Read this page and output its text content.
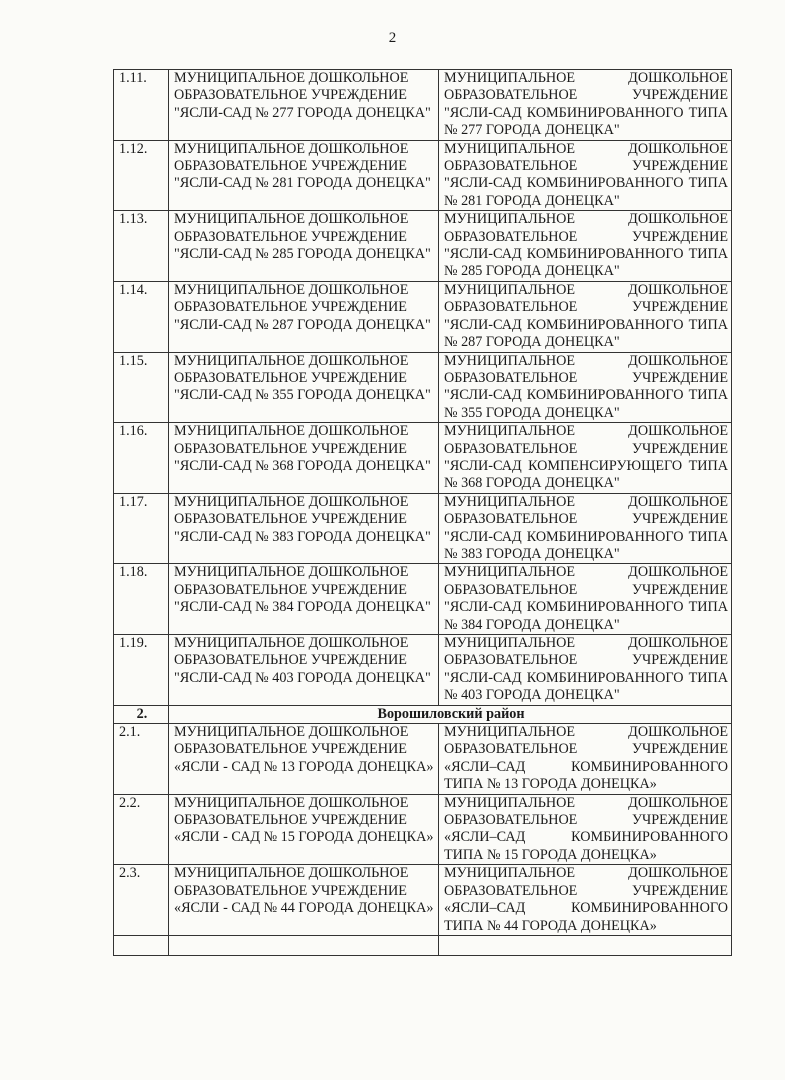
2
1.11.	МУНИЦИПАЛЬНОЕ ДОШКОЛЬНОЕ ОБРАЗОВАТЕЛЬНОЕ УЧРЕЖДЕНИЕ "ЯСЛИ-САД № 277 ГОРОДА ДОНЕЦКА"	МУНИЦИПАЛЬНОЕ ДОШКОЛЬНОЕ ОБРАЗОВАТЕЛЬНОЕ УЧРЕЖДЕНИЕ "ЯСЛИ-САД КОМБИНИРОВАННОГО ТИПА № 277 ГОРОДА ДОНЕЦКА"
1.12.	МУНИЦИПАЛЬНОЕ ДОШКОЛЬНОЕ ОБРАЗОВАТЕЛЬНОЕ УЧРЕЖДЕНИЕ "ЯСЛИ-САД № 281 ГОРОДА ДОНЕЦКА"	МУНИЦИПАЛЬНОЕ ДОШКОЛЬНОЕ ОБРАЗОВАТЕЛЬНОЕ УЧРЕЖДЕНИЕ "ЯСЛИ-САД КОМБИНИРОВАННОГО ТИПА № 281 ГОРОДА ДОНЕЦКА"
1.13.	МУНИЦИПАЛЬНОЕ ДОШКОЛЬНОЕ ОБРАЗОВАТЕЛЬНОЕ УЧРЕЖДЕНИЕ "ЯСЛИ-САД № 285 ГОРОДА ДОНЕЦКА"	МУНИЦИПАЛЬНОЕ ДОШКОЛЬНОЕ ОБРАЗОВАТЕЛЬНОЕ УЧРЕЖДЕНИЕ "ЯСЛИ-САД КОМБИНИРОВАННОГО ТИПА № 285 ГОРОДА ДОНЕЦКА"
1.14.	МУНИЦИПАЛЬНОЕ ДОШКОЛЬНОЕ ОБРАЗОВАТЕЛЬНОЕ УЧРЕЖДЕНИЕ "ЯСЛИ-САД № 287 ГОРОДА ДОНЕЦКА"	МУНИЦИПАЛЬНОЕ ДОШКОЛЬНОЕ ОБРАЗОВАТЕЛЬНОЕ УЧРЕЖДЕНИЕ "ЯСЛИ-САД КОМБИНИРОВАННОГО ТИПА № 287 ГОРОДА ДОНЕЦКА"
1.15.	МУНИЦИПАЛЬНОЕ ДОШКОЛЬНОЕ ОБРАЗОВАТЕЛЬНОЕ УЧРЕЖДЕНИЕ "ЯСЛИ-САД № 355 ГОРОДА ДОНЕЦКА"	МУНИЦИПАЛЬНОЕ ДОШКОЛЬНОЕ ОБРАЗОВАТЕЛЬНОЕ УЧРЕЖДЕНИЕ "ЯСЛИ-САД КОМБИНИРОВАННОГО ТИПА № 355 ГОРОДА ДОНЕЦКА"
1.16.	МУНИЦИПАЛЬНОЕ ДОШКОЛЬНОЕ ОБРАЗОВАТЕЛЬНОЕ УЧРЕЖДЕНИЕ "ЯСЛИ-САД № 368 ГОРОДА ДОНЕЦКА"	МУНИЦИПАЛЬНОЕ ДОШКОЛЬНОЕ ОБРАЗОВАТЕЛЬНОЕ УЧРЕЖДЕНИЕ "ЯСЛИ-САД КОМПЕНСИРУЮЩЕГО ТИПА № 368 ГОРОДА ДОНЕЦКА"
1.17.	МУНИЦИПАЛЬНОЕ ДОШКОЛЬНОЕ ОБРАЗОВАТЕЛЬНОЕ УЧРЕЖДЕНИЕ "ЯСЛИ-САД № 383 ГОРОДА ДОНЕЦКА"	МУНИЦИПАЛЬНОЕ ДОШКОЛЬНОЕ ОБРАЗОВАТЕЛЬНОЕ УЧРЕЖДЕНИЕ "ЯСЛИ-САД КОМБИНИРОВАННОГО ТИПА № 383 ГОРОДА ДОНЕЦКА"
1.18.	МУНИЦИПАЛЬНОЕ ДОШКОЛЬНОЕ ОБРАЗОВАТЕЛЬНОЕ УЧРЕЖДЕНИЕ "ЯСЛИ-САД № 384 ГОРОДА ДОНЕЦКА"	МУНИЦИПАЛЬНОЕ ДОШКОЛЬНОЕ ОБРАЗОВАТЕЛЬНОЕ УЧРЕЖДЕНИЕ "ЯСЛИ-САД КОМБИНИРОВАННОГО ТИПА № 384 ГОРОДА ДОНЕЦКА"
1.19.	МУНИЦИПАЛЬНОЕ ДОШКОЛЬНОЕ ОБРАЗОВАТЕЛЬНОЕ УЧРЕЖДЕНИЕ "ЯСЛИ-САД № 403 ГОРОДА ДОНЕЦКА"	МУНИЦИПАЛЬНОЕ ДОШКОЛЬНОЕ ОБРАЗОВАТЕЛЬНОЕ УЧРЕЖДЕНИЕ "ЯСЛИ-САД КОМБИНИРОВАННОГО ТИПА № 403 ГОРОДА ДОНЕЦКА"
2.	Ворошиловский район	
2.1.	МУНИЦИПАЛЬНОЕ ДОШКОЛЬНОЕ ОБРАЗОВАТЕЛЬНОЕ УЧРЕЖДЕНИЕ «ЯСЛИ - САД № 13 ГОРОДА ДОНЕЦКА»	МУНИЦИПАЛЬНОЕ ДОШКОЛЬНОЕ ОБРАЗОВАТЕЛЬНОЕ УЧРЕЖДЕНИЕ «ЯСЛИ–САД КОМБИНИРОВАННОГО ТИПА № 13 ГОРОДА ДОНЕЦКА»
2.2.	МУНИЦИПАЛЬНОЕ ДОШКОЛЬНОЕ ОБРАЗОВАТЕЛЬНОЕ УЧРЕЖДЕНИЕ «ЯСЛИ - САД № 15 ГОРОДА ДОНЕЦКА»	МУНИЦИПАЛЬНОЕ ДОШКОЛЬНОЕ ОБРАЗОВАТЕЛЬНОЕ УЧРЕЖДЕНИЕ «ЯСЛИ–САД КОМБИНИРОВАННОГО ТИПА № 15 ГОРОДА ДОНЕЦКА»
2.3.	МУНИЦИПАЛЬНОЕ ДОШКОЛЬНОЕ ОБРАЗОВАТЕЛЬНОЕ УЧРЕЖДЕНИЕ «ЯСЛИ - САД № 44 ГОРОДА ДОНЕЦКА»	МУНИЦИПАЛЬНОЕ ДОШКОЛЬНОЕ ОБРАЗОВАТЕЛЬНОЕ УЧРЕЖДЕНИЕ «ЯСЛИ–САД КОМБИНИРОВАННОГО ТИПА № 44 ГОРОДА ДОНЕЦКА»
